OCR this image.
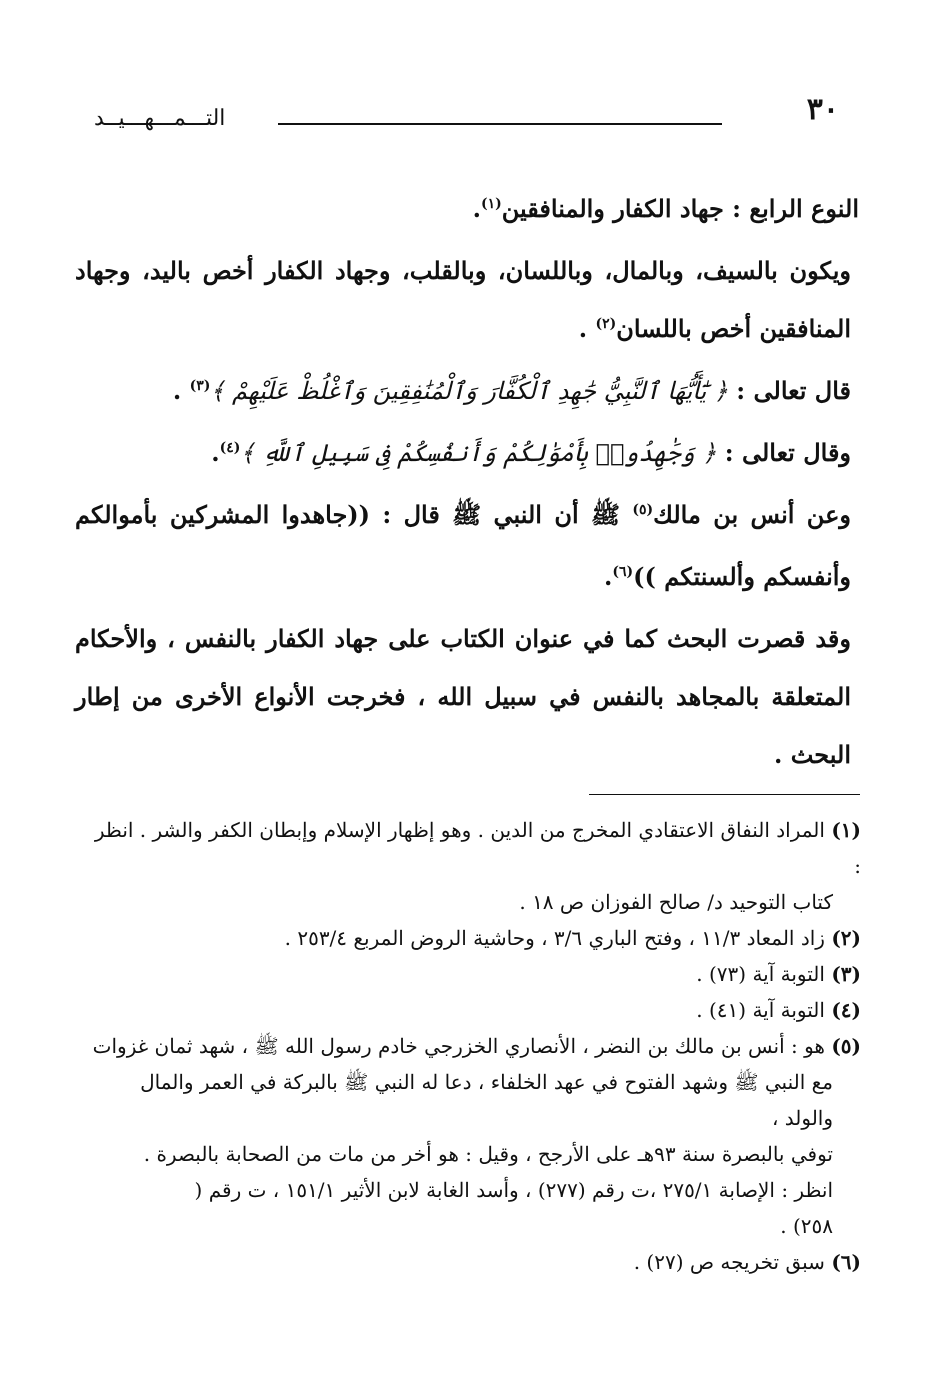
٣٠
التـــمـــهـــيــد

النوع الرابع : جهاد الكفار والمنافقين$^{(١)}$.

ويكون بالسيف، وبالمال، وباللسان، وبالقلب، وجهاد الكفار أخص باليد، وجهاد المنافقين أخص باللسان$^{(٢)}$ .

قال تعالى : ﴿ يَٰٓأَيُّهَا ٱلنَّبِيُّ جَٰهِدِ ٱلْكُفَّارَ وَٱلْمُنَٰفِقِينَ وَٱغْلُظْ عَلَيْهِمْ ﴾$^{(٣)}$ .

وقال تعالى : ﴿ وَجَٰهِدُوا۟ بِأَمْوَٰلِكُمْ وَأَنفُسِكُمْ فِى سَبِيلِ ٱللَّهِ ﴾$^{(٤)}$.

وعن أنس بن مالك$^{(٥)}$ ﷺ أن النبي ﷺ قال : ((جاهدوا المشركين بأموالكم وأنفسكم وألسنتكم ))$^{(٦)}$.

وقد قصرت البحث كما في عنوان الكتاب على جهاد الكفار بالنفس ، والأحكام المتعلقة بالمجاهد بالنفس في سبيل الله ، فخرجت الأنواع الأخرى من إطار البحث .

(١) المراد النفاق الاعتقادي المخرج من الدين . وهو إظهار الإسلام وإبطان الكفر والشر . انظر :

كتاب التوحيد د/ صالح الفوزان ص ١٨ .

(٢) زاد المعاد ١١/٣ ، وفتح الباري ٣/٦ ، وحاشية الروض المربع ٢٥٣/٤ .

(٣) التوبة آية (٧٣) .

(٤) التوبة آية (٤١) .

(٥) هو : أنس بن مالك بن النضر ، الأنصاري الخزرجي خادم رسول الله ﷺ ، شهد ثمان غزوات

مع النبي ﷺ وشهد الفتوح في عهد الخلفاء ، دعا له النبي ﷺ بالبركة في العمر والمال والولد ،

توفي بالبصرة سنة ٩٣هـ على الأرجح ، وقيل : هو أخر من مات من الصحابة بالبصرة .

انظر : الإصابة ٢٧٥/١ ،ت رقم (٢٧٧) ، وأسد الغابة لابن الأثير ١٥١/١ ، ت رقم (

٢٥٨) .

(٦) سبق تخريجه ص (٢٧) .
